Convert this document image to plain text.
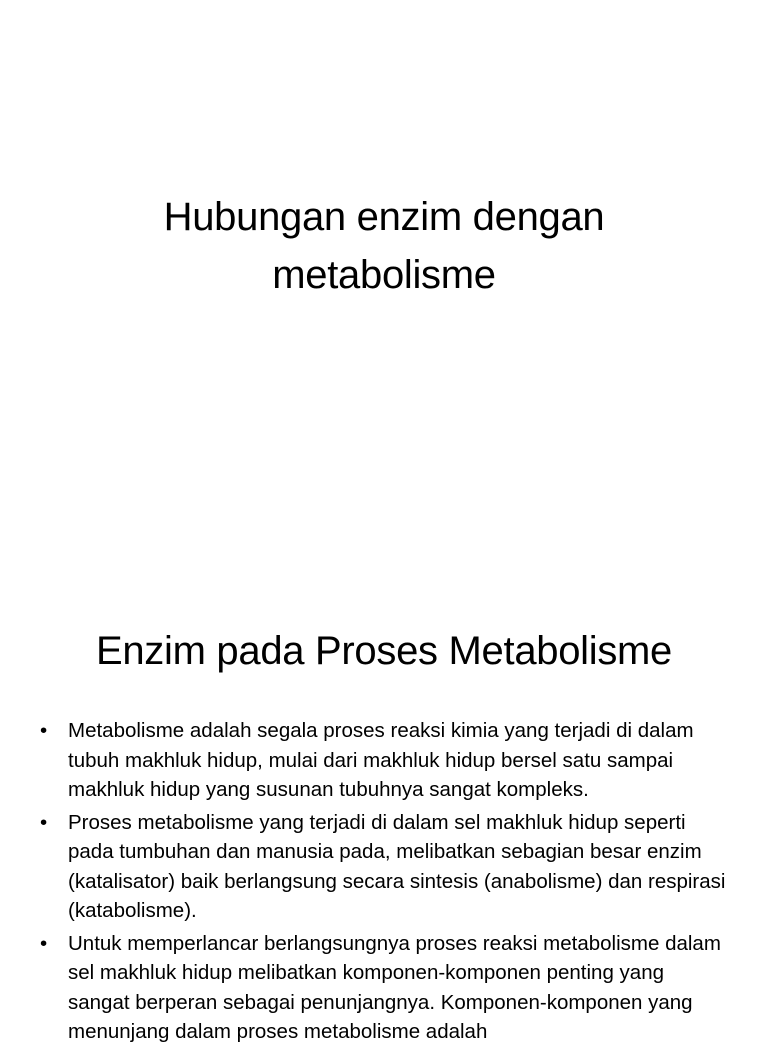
Hubungan enzim dengan
metabolisme
Enzim pada Proses Metabolisme
• Metabolisme adalah segala proses reaksi kimia yang terjadi di dalam tubuh makhluk hidup, mulai dari makhluk hidup bersel satu sampai makhluk hidup yang susunan tubuhnya sangat kompleks.
• Proses metabolisme yang terjadi di dalam sel makhluk hidup seperti pada tumbuhan dan manusia pada, melibatkan sebagian besar enzim (katalisator) baik berlangsung secara sintesis (anabolisme) dan respirasi (katabolisme).
• Untuk memperlancar berlangsungnya proses reaksi metabolisme dalam sel makhluk hidup melibatkan komponen-komponen penting yang sangat berperan sebagai penunjangnya. Komponen-komponen yang menunjang dalam proses metabolisme adalah
